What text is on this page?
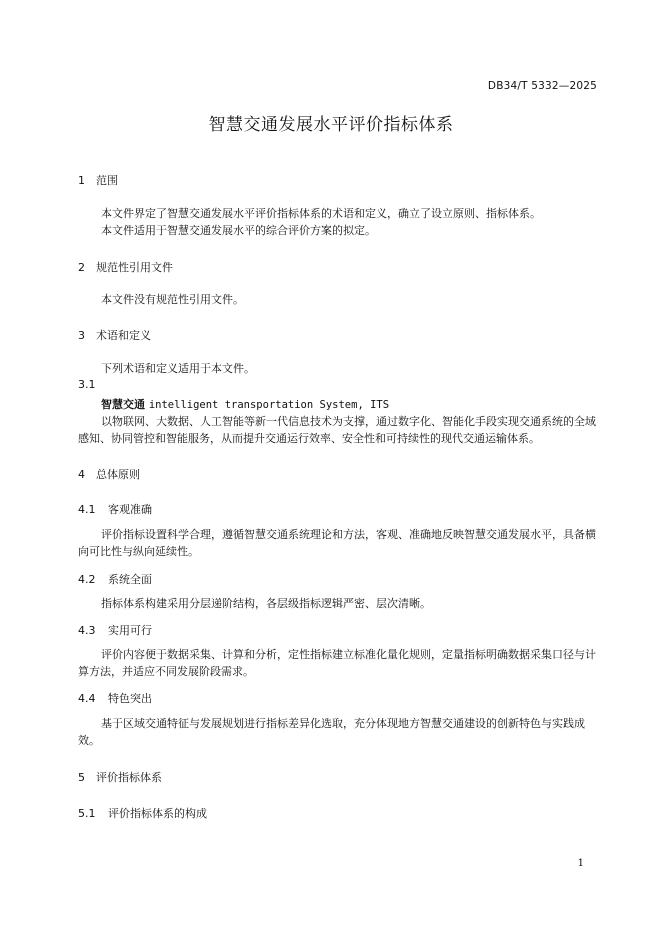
DB34/T 5332—2025
智慧交通发展水平评价指标体系
1 范围
本文件界定了智慧交通发展水平评价指标体系的术语和定义，确立了设立原则、指标体系。
本文件适用于智慧交通发展水平的综合评价方案的拟定。
2 规范性引用文件
本文件没有规范性引用文件。
3 术语和定义
下列术语和定义适用于本文件。
3.1
智慧交通 intelligent transportation System, ITS
以物联网、大数据、人工智能等新一代信息技术为支撑，通过数字化、智能化手段实现交通系统的全域感知、协同管控和智能服务，从而提升交通运行效率、安全性和可持续性的现代交通运输体系。
4 总体原则
4.1 客观准确
评价指标设置科学合理，遵循智慧交通系统理论和方法，客观、准确地反映智慧交通发展水平，具备横向可比性与纵向延续性。
4.2 系统全面
指标体系构建采用分层递阶结构，各层级指标逻辑严密、层次清晰。
4.3 实用可行
评价内容便于数据采集、计算和分析，定性指标建立标准化量化规则，定量指标明确数据采集口径与计算方法，并适应不同发展阶段需求。
4.4 特色突出
基于区域交通特征与发展规划进行指标差异化选取，充分体现地方智慧交通建设的创新特色与实践成效。
5 评价指标体系
5.1 评价指标体系的构成
1
